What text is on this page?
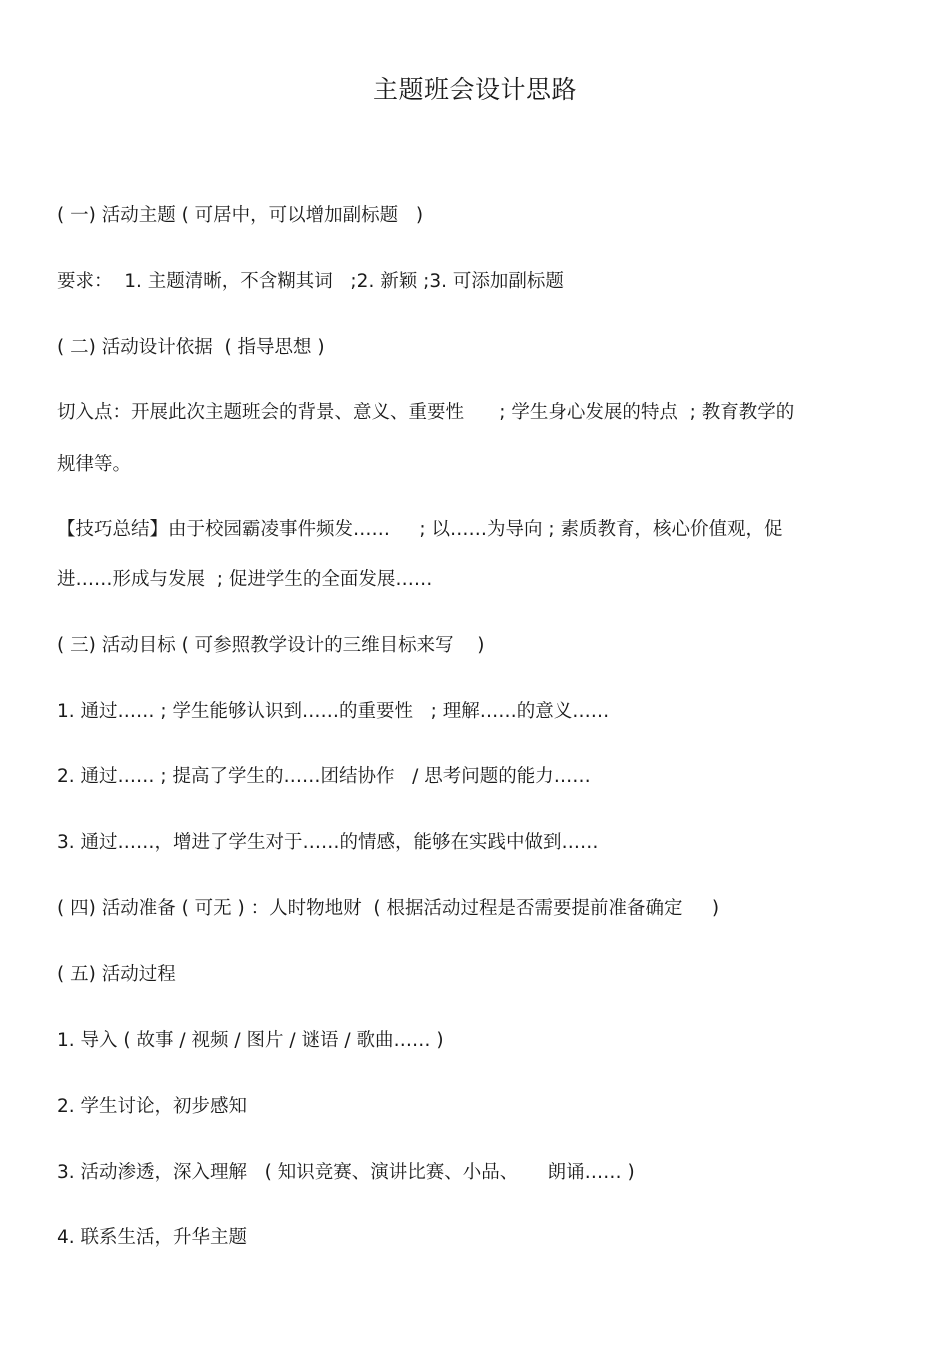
主题班会设计思路
( 一) 活动主题 ( 可居中，可以增加副标题   )
要求：  1. 主题清晰，不含糊其词   ;2. 新颖 ;3. 可添加副标题
( 二) 活动设计依据  ( 指导思想 )
切入点：开展此次主题班会的背景、意义、重要性      ; 学生身心发展的特点  ; 教育教学的
规律等。
【技巧总结】由于校园霸凌事件频发……     ; 以……为导向 ; 素质教育，核心价值观，促
进……形成与发展  ; 促进学生的全面发展……
( 三) 活动目标 ( 可参照教学设计的三维目标来写    )
1. 通过…… ; 学生能够认识到……的重要性   ; 理解……的意义……
2. 通过…… ; 提高了学生的……团结协作   / 思考问题的能力……
3. 通过……，增进了学生对于……的情感，能够在实践中做到……
( 四) 活动准备 ( 可无 ) ：人时物地财  ( 根据活动过程是否需要提前准备确定     )
( 五) 活动过程
1. 导入 ( 故事 / 视频 / 图片 / 谜语 / 歌曲…… )
2. 学生讨论，初步感知
3. 活动渗透，深入理解   ( 知识竞赛、演讲比赛、小品、     朗诵…… )
4. 联系生活，升华主题
